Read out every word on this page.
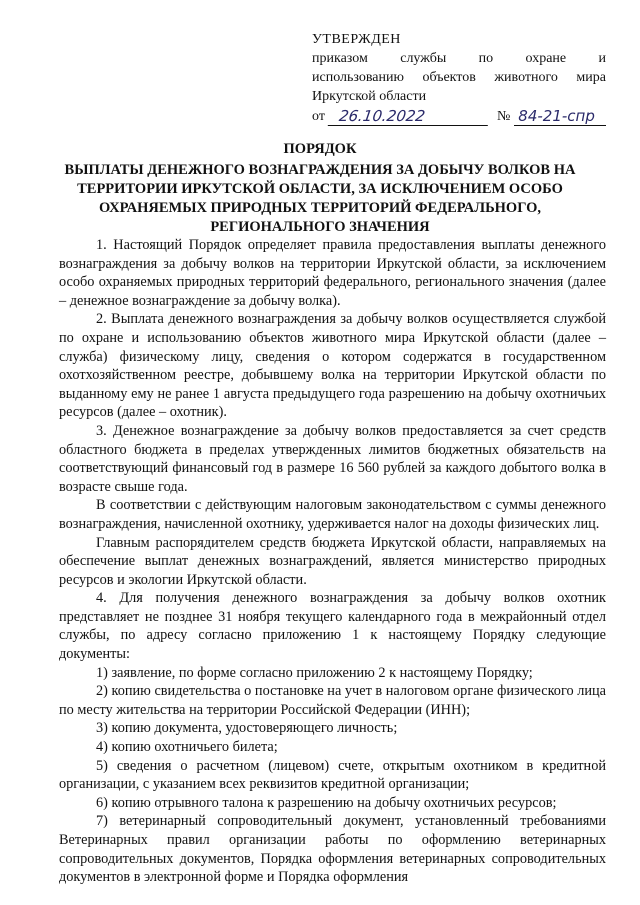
УТВЕРЖДЕН
приказом службы по охране и
использованию объектов животного мира
Иркутской области
от 26.10.2022	№ 84-21-спр
ПОРЯДОК
ВЫПЛАТЫ ДЕНЕЖНОГО ВОЗНАГРАЖДЕНИЯ ЗА ДОБЫЧУ ВОЛКОВ НА ТЕРРИТОРИИ ИРКУТСКОЙ ОБЛАСТИ, ЗА ИСКЛЮЧЕНИЕМ ОСОБО ОХРАНЯЕМЫХ ПРИРОДНЫХ ТЕРРИТОРИЙ ФЕДЕРАЛЬНОГО, РЕГИОНАЛЬНОГО ЗНАЧЕНИЯ

1. Настоящий Порядок определяет правила предоставления выплаты денежного вознаграждения за добычу волков на территории Иркутской области, за исключением особо охраняемых природных территорий федерального, регионального значения (далее – денежное вознаграждение за добычу волка).

2. Выплата денежного вознаграждения за добычу волков осуществляется службой по охране и использованию объектов животного мира Иркутской области (далее – служба) физическому лицу, сведения о котором содержатся в государственном охотхозяйственном реестре, добывшему волка на территории Иркутской области по выданному ему не ранее 1 августа предыдущего года разрешению на добычу охотничьих ресурсов (далее – охотник).

3. Денежное вознаграждение за добычу волков предоставляется за счет средств областного бюджета в пределах утвержденных лимитов бюджетных обязательств на соответствующий финансовый год в размере 16 560 рублей за каждого добытого волка в возрасте свыше года.

В соответствии с действующим налоговым законодательством с суммы денежного вознаграждения, начисленной охотнику, удерживается налог на доходы физических лиц.

Главным распорядителем средств бюджета Иркутской области, направляемых на обеспечение выплат денежных вознаграждений, является министерство природных ресурсов и экологии Иркутской области.

4. Для получения денежного вознаграждения за добычу волков охотник представляет не позднее 31 ноября текущего календарного года в межрайонный отдел службы, по адресу согласно приложению 1 к настоящему Порядку следующие документы:

1) заявление, по форме согласно приложению 2 к настоящему Порядку;

2) копию свидетельства о постановке на учет в налоговом органе физического лица по месту жительства на территории Российской Федерации (ИНН);

3) копию документа, удостоверяющего личность;

4) копию охотничьего билета;

5) сведения о расчетном (лицевом) счете, открытым охотником в кредитной организации, с указанием всех реквизитов кредитной организации;

6) копию отрывного талона к разрешению на добычу охотничьих ресурсов;

7) ветеринарный сопроводительный документ, установленный требованиями Ветеринарных правил организации работы по оформлению ветеринарных сопроводительных документов, Порядка оформления ветеринарных сопроводительных документов в электронной форме и Порядка оформления
